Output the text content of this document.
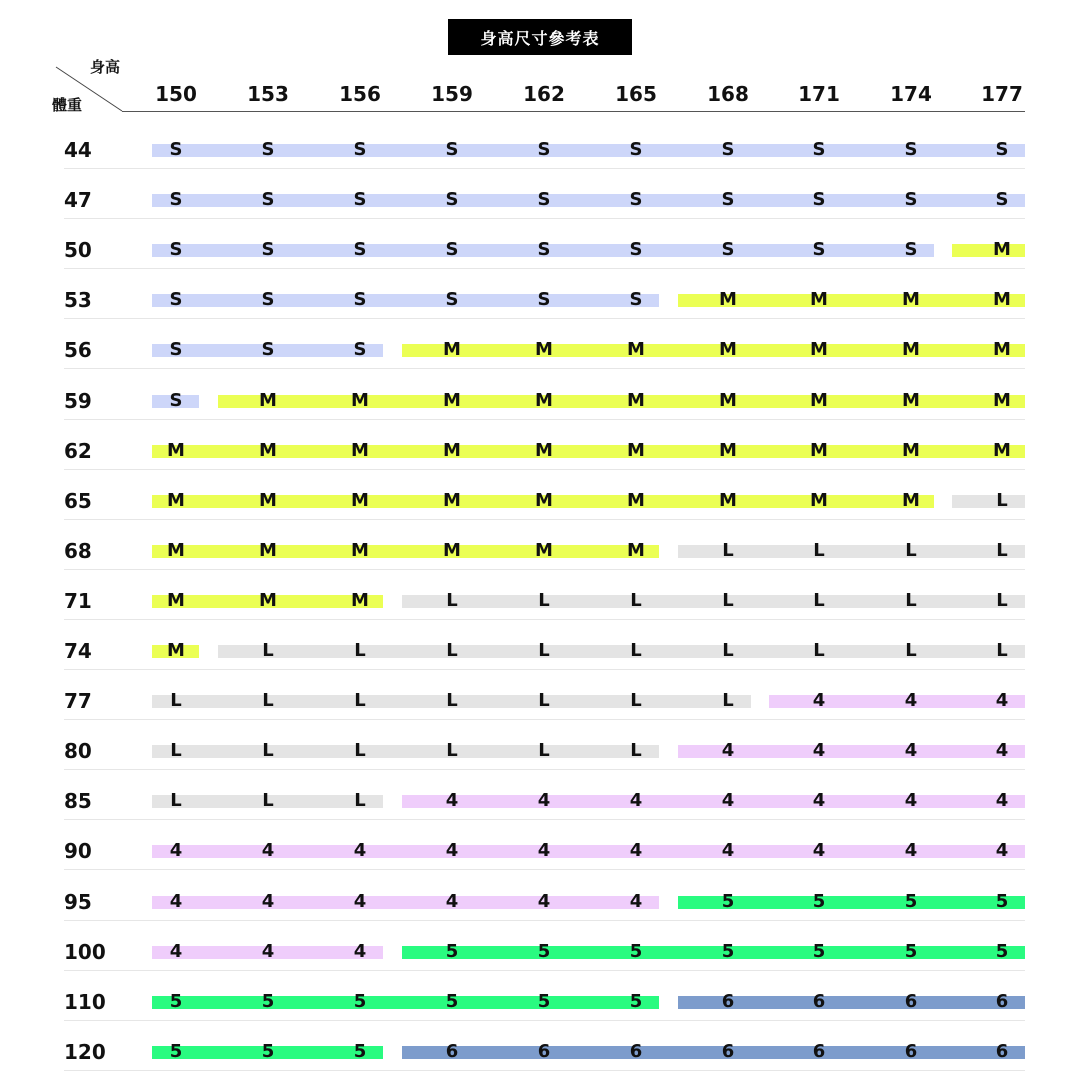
身高尺寸參考表
身高
體重	150	153	156	159	162	165	168	171	174	177
44	S	S	S	S	S	S	S	S	S	S
47	S	S	S	S	S	S	S	S	S	S
50	S	S	S	S	S	S	S	S	S	M
53	S	S	S	S	S	S	M	M	M	M
56	S	S	S	M	M	M	M	M	M	M
59	S	M	M	M	M	M	M	M	M	M
62	M	M	M	M	M	M	M	M	M	M
65	M	M	M	M	M	M	M	M	M	L
68	M	M	M	M	M	M	L	L	L	L
71	M	M	M	L	L	L	L	L	L	L
74	M	L	L	L	L	L	L	L	L	L
77	L	L	L	L	L	L	L	4	4	4
80	L	L	L	L	L	L	4	4	4	4
85	L	L	L	4	4	4	4	4	4	4
90	4	4	4	4	4	4	4	4	4	4
95	4	4	4	4	4	4	5	5	5	5
100	4	4	4	5	5	5	5	5	5	5
110	5	5	5	5	5	5	6	6	6	6
120	5	5	5	6	6	6	6	6	6	6
